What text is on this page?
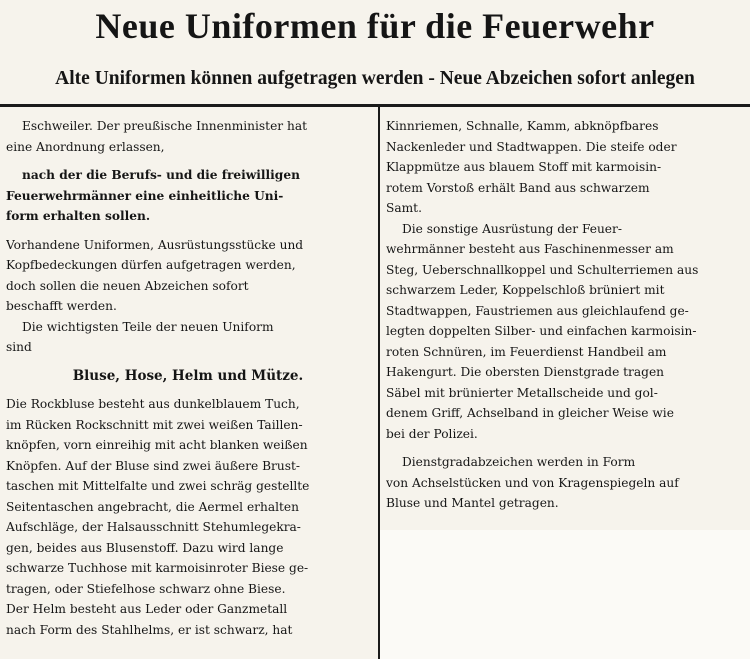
Neue Uniformen für die Feuerwehr
Alte Uniformen können aufgetragen werden - Neue Abzeichen sofort anlegen
Eschweiler. Der preußische Innenminister hat
eine Anordnung erlassen,
nach der die Berufs- und die freiwilligen
Feuerwehrmänner eine einheitliche Uni-
form erhalten sollen.
Vorhandene Uniformen, Ausrüstungsstücke und
Kopfbedeckungen dürfen aufgetragen werden,
doch sollen die neuen Abzeichen sofort
beschafft werden.
Die wichtigsten Teile der neuen Uniform
sind
Bluse, Hose, Helm und Mütze.
Die Rockbluse besteht aus dunkelblauem Tuch,
im Rücken Rockschnitt mit zwei weißen Taillen-
knöpfen, vorn einreihig mit acht blanken weißen
Knöpfen. Auf der Bluse sind zwei äußere Brust-
taschen mit Mittelfalte und zwei schräg gestellte
Seitentaschen angebracht, die Aermel erhalten
Aufschläge, der Halsausschnitt Stehumlegekra-
gen, beides aus Blusenstoff. Dazu wird lange
schwarze Tuchhose mit karmoisinroter Biese ge-
tragen, oder Stiefelhose schwarz ohne Biese.
Der Helm besteht aus Leder oder Ganzmetall
nach Form des Stahlhelms, er ist schwarz, hat
Kinnriemen, Schnalle, Kamm, abknöpfbares
Nackenleder und Stadtwappen. Die steife oder
Klappmütze aus blauem Stoff mit karmoisin-
rotem Vorstoß erhält Band aus schwarzem
Samt.
Die sonstige Ausrüstung der Feuer-
wehrmänner besteht aus Faschinenmesser am
Steg, Ueberschnallkoppel und Schulterriemen aus
schwarzem Leder, Koppelschloß brüniert mit
Stadtwappen, Faustriemen aus gleichlaufend ge-
legten doppelten Silber- und einfachen karmoisin-
roten Schnüren, im Feuerdienst Handbeil am
Hakengurt. Die obersten Dienstgrade tragen
Säbel mit brünierter Metallscheide und gol-
denem Griff, Achselband in gleicher Weise wie
bei der Polizei.
Dienstgradabzeichen werden in Form
von Achselstücken und von Kragenspiegeln auf
Bluse und Mantel getragen.
